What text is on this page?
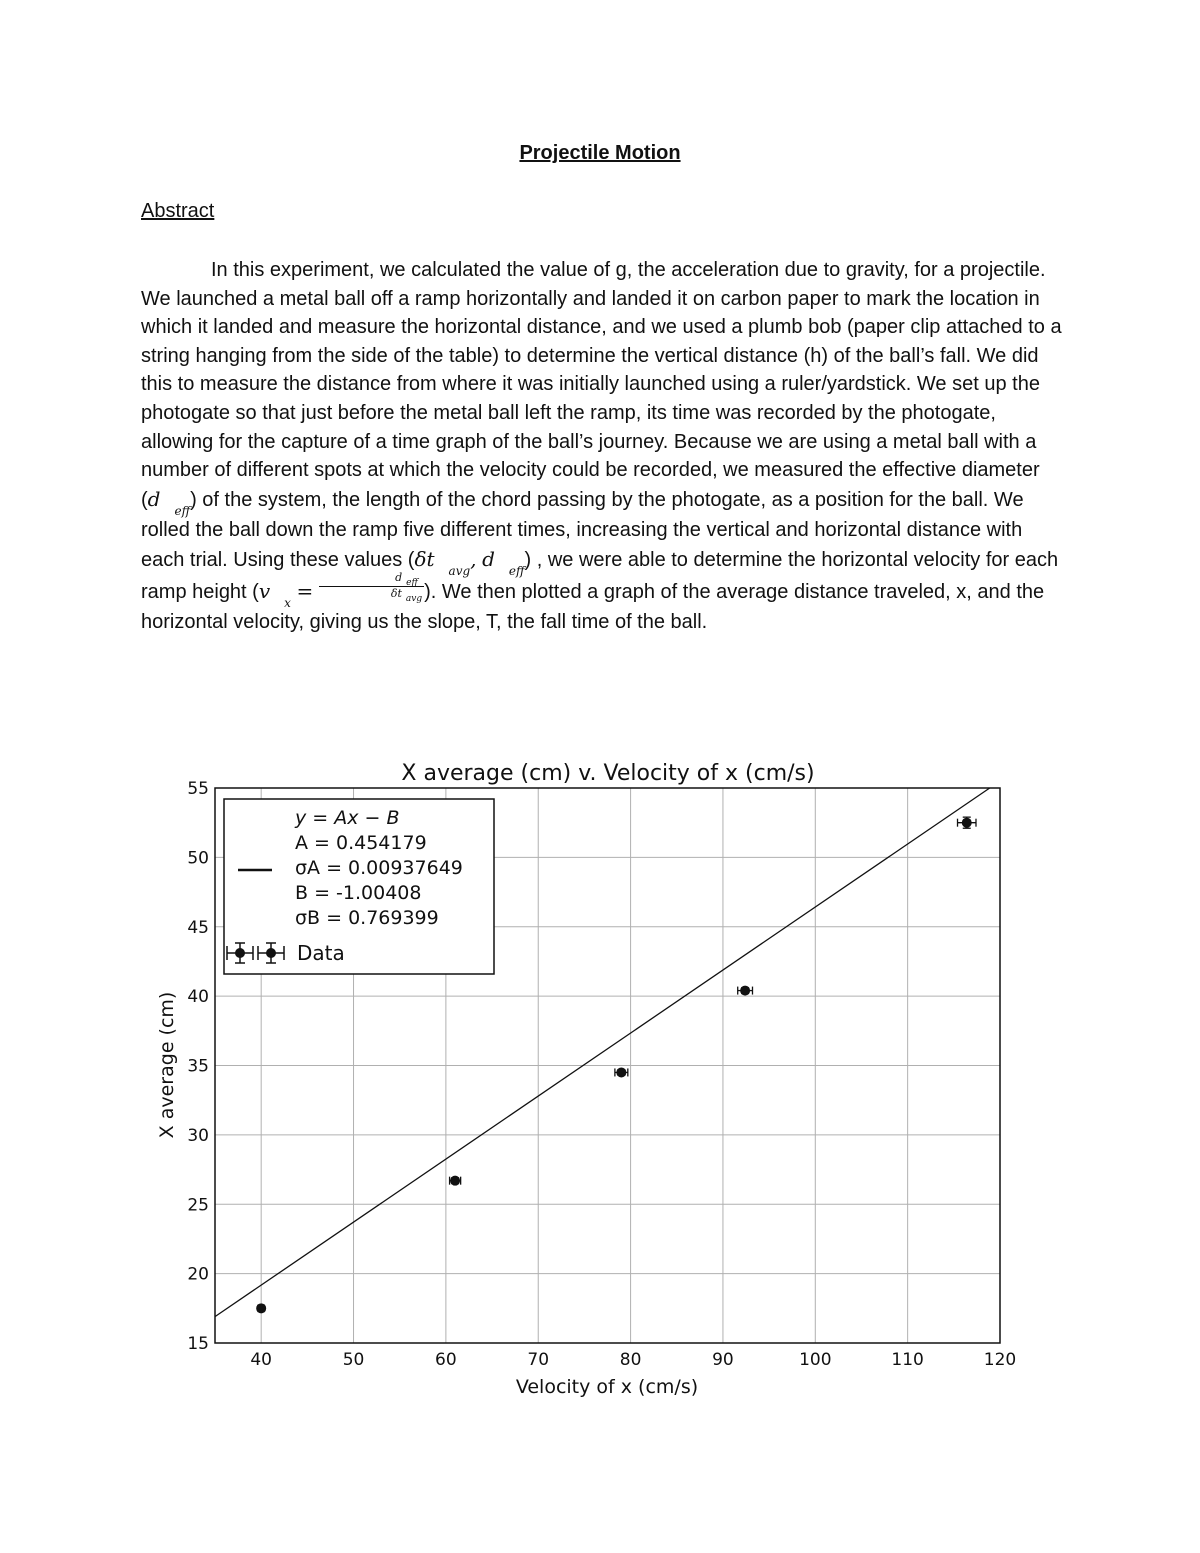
Projectile Motion
Abstract

In this experiment, we calculated the value of g, the acceleration due to gravity, for a projectile. We launched a metal ball off a ramp horizontally and landed it on carbon paper to mark the location in which it landed and measure the horizontal distance, and we used a plumb bob (paper clip attached to a string hanging from the side of the table) to determine the vertical distance (h) of the ball’s fall. We did this to measure the distance from where it was initially launched using a ruler/yardstick. We set up the photogate so that just before the metal ball left the ramp, its time was recorded by the photogate, allowing for the capture of a time graph of the ball’s journey. Because we are using a metal ball with a number of different spots at which the velocity could be recorded, we measured the effective diameter (d $_{eff}$) of the system, the length of the chord passing by the photogate, as a position for the ball. We rolled the ball down the ramp five different times, increasing the vertical and horizontal distance with each trial. Using these values (δt $_{avg}$, d $_{eff}$) , we were able to determine the horizontal velocity for each ramp height (v $_x = \frac{d _{eff}}{\delta t _{avg}}$ ). We then plotted a graph of the average distance traveled, x, and the horizontal velocity, giving us the slope, T, the fall time of the ball.

X average (cm) v. Velocity of x (cm/s)
40	50	60	70	80	90	100	110	120
15
20
25
30
35
40
45
50
55
Velocity of x (cm/s)
X average (cm)
y = Ax − B
A = 0.454179
σA = 0.00937649
B = -1.00408
σB = 0.769399
Data
